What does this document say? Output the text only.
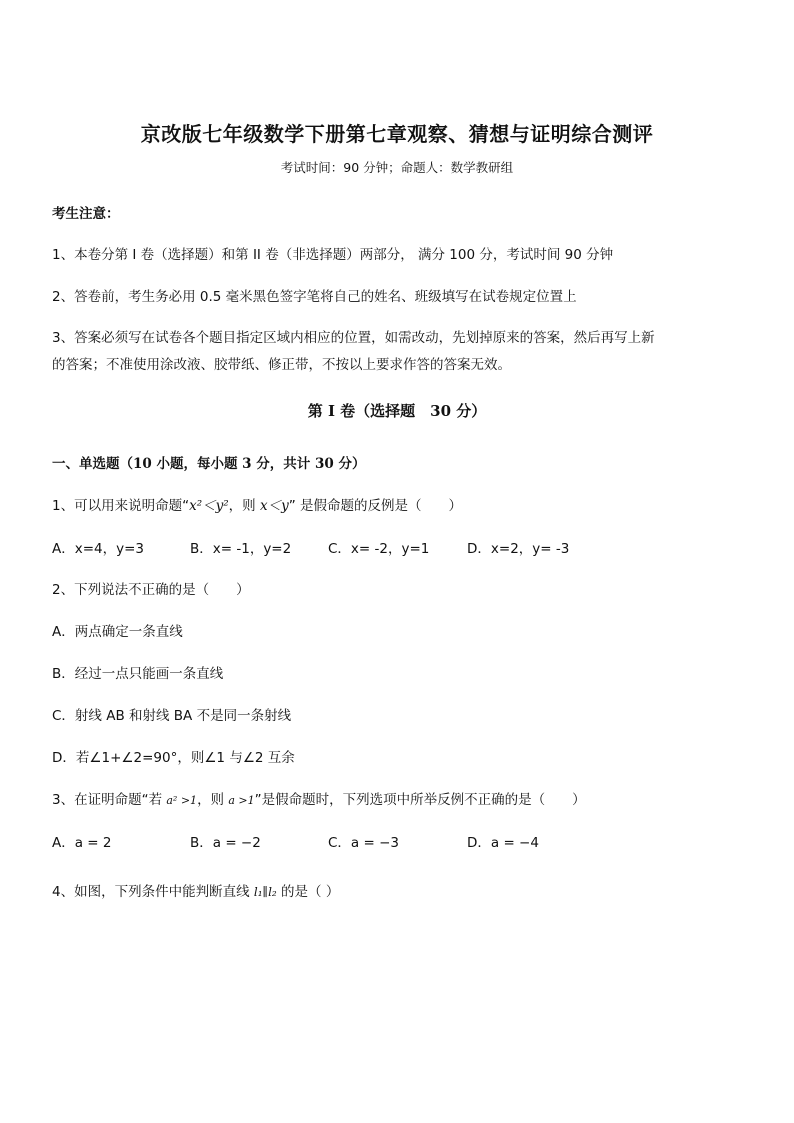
京改版七年级数学下册第七章观察、猜想与证明综合测评
考试时间：90 分钟；命题人：数学教研组
考生注意：
1、本卷分第 I 卷（选择题）和第 II 卷（非选择题）两部分， 满分 100 分，考试时间 90 分钟
2、答卷前，考生务必用 0.5 毫米黑色签字笔将自己的姓名、班级填写在试卷规定位置上
3、答案必须写在试卷各个题目指定区域内相应的位置，如需改动，先划掉原来的答案，然后再写上新
的答案；不准使用涂改液、胶带纸、修正带，不按以上要求作答的答案无效。
第 I 卷（选择题　30 分）
一、单选题（10 小题，每小题 3 分，共计 30 分）
1、可以用来说明命题“x²＜y²，则 x＜y” 是假命题的反例是（　　）
A．x=4，y=3	B．x= -1，y=2	C．x= -2，y=1	D．x=2，y= -3
2、下列说法不正确的是（　　）
A．两点确定一条直线
B．经过一点只能画一条直线
C．射线 AB 和射线 BA 不是同一条射线
D．若∠1+∠2=90°，则∠1 与∠2 互余
3、在证明命题“若 a² >1，则 a >1”是假命题时，下列选项中所举反例不正确的是（　　）
A．a = 2	B．a = −2	C．a = −3	D．a = −4
4、如图，下列条件中能判断直线 l₁∥l₂ 的是（ ）
